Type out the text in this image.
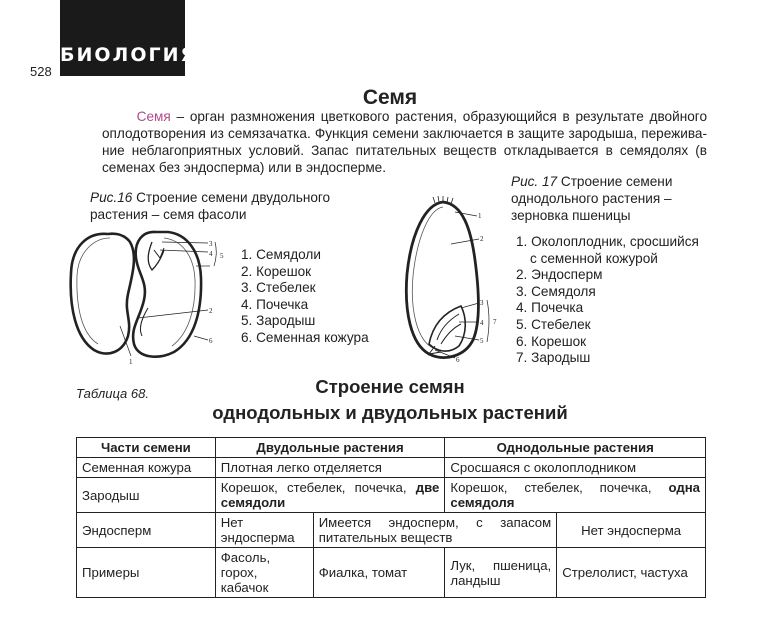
БИОЛОГИЯ
528
Семя
Семя – орган размножения цветкового растения, образующийся в результате двойного оплодотворения из семязачатка. Функция семени заключается в защите зародыша, пережива-ние неблагоприятных условий. Запас питательных веществ откладывается в семядолях (в семенах без эндосперма) или в эндосперме.
Рис.16 Строение семени двудольного растения – семя фасоли
3
4 5
2
6
1
1. Семядоли
2. Корешок
3. Стебелек
4. Почечка
5. Зародыш
6. Семенная кожура
Рис. 17 Строение семени однодольного растения – зерновка пшеницы
1
2
3
4 7
5
6
1. Околоплодник, сросшийся
с семенной кожурой
2. Эндосперм
3. Семядоля
4. Почечка
5. Стебелек
6. Корешок
7. Зародыш
Таблица 68.	Строение семян
однодольных и двудольных растений
Части семени	Двудольные растения		Однодольные растения	
Семенная кожура	Плотная легко отделяется		Сросшаяся с околоплодником	
Зародыш	Корешок, стебелек, почечка, две семядоли		Корешок, стебелек, почечка, одна семядоля	
Эндосперм	Нет эндосперма	Имеется эндосперм, с запасом питательных веществ		Нет эндосперма
Примеры	Фасоль, горох, кабачок	Фиалка, томат	Лук, пшеница, ландыш	Стрелолист, частуха
